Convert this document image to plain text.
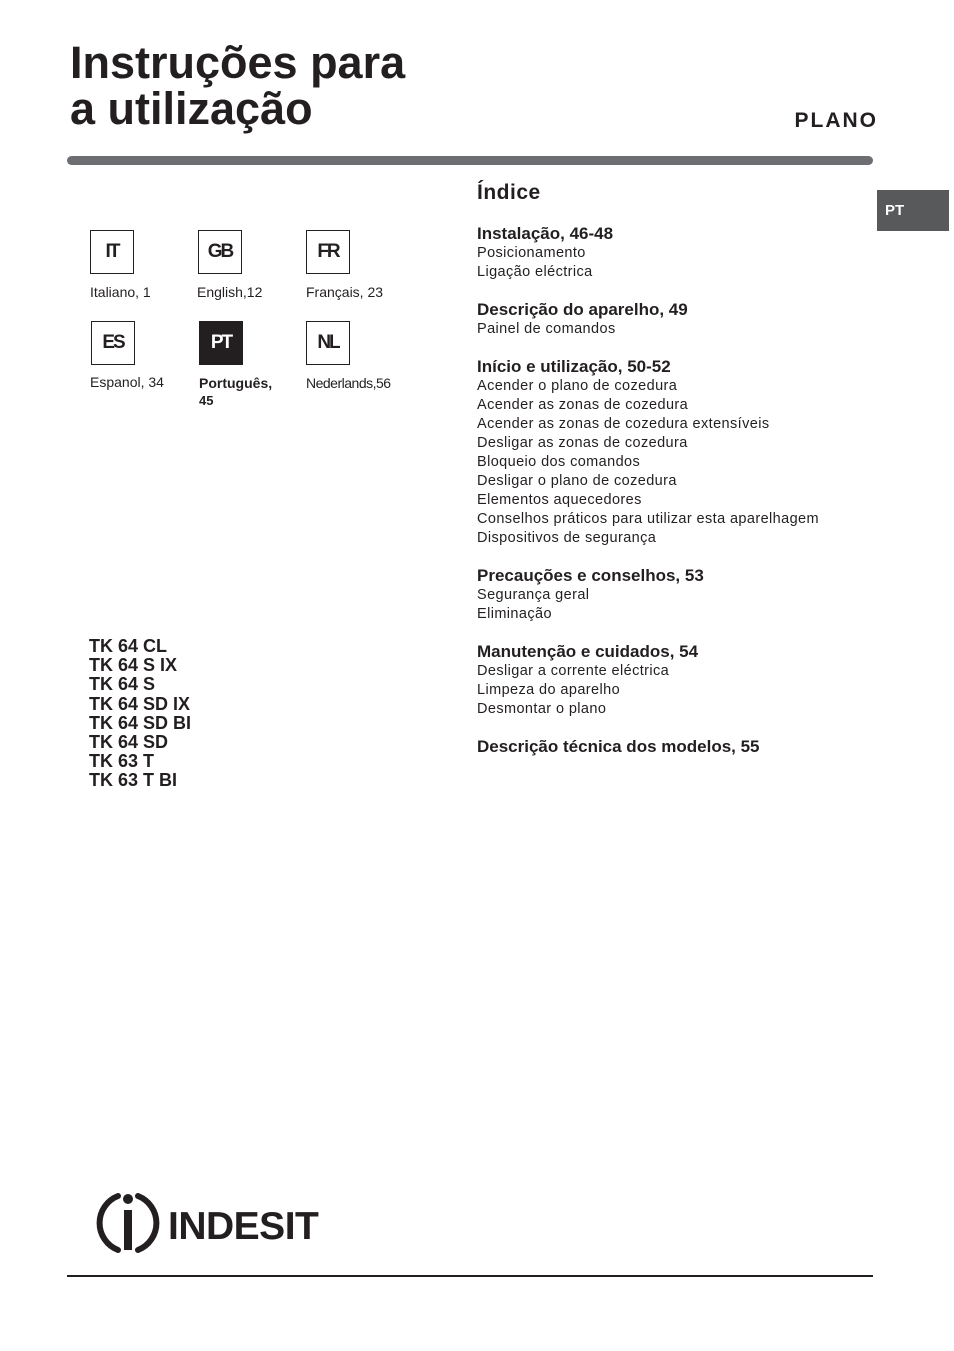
Instruções para
a utilização	PLANO
PT
IT
Italiano, 1
GB
English,12
FR
Français, 23
ES
Espanol, 34
PT
Português,
45
NL
Nederlands,56
TK 64 CL
TK 64 S IX
TK 64 S
TK 64 SD IX
TK 64 SD BI
TK 64 SD
TK 63 T
TK 63 T BI
Índice
Instalação, 46-48
Posicionamento
Ligação eléctrica
Descrição do aparelho, 49
Painel de comandos
Início e utilização, 50-52
Acender o plano de cozedura
Acender as zonas de cozedura
Acender as zonas de cozedura extensíveis
Desligar as zonas de cozedura
Bloqueio dos comandos
Desligar o plano de cozedura
Elementos aquecedores
Conselhos práticos para utilizar esta aparelhagem
Dispositivos de segurança
Precauções e conselhos, 53
Segurança geral
Eliminação
Manutenção e cuidados, 54
Desligar a corrente eléctrica
Limpeza do aparelho
Desmontar o plano
Descrição técnica dos modelos, 55
INDESIT
